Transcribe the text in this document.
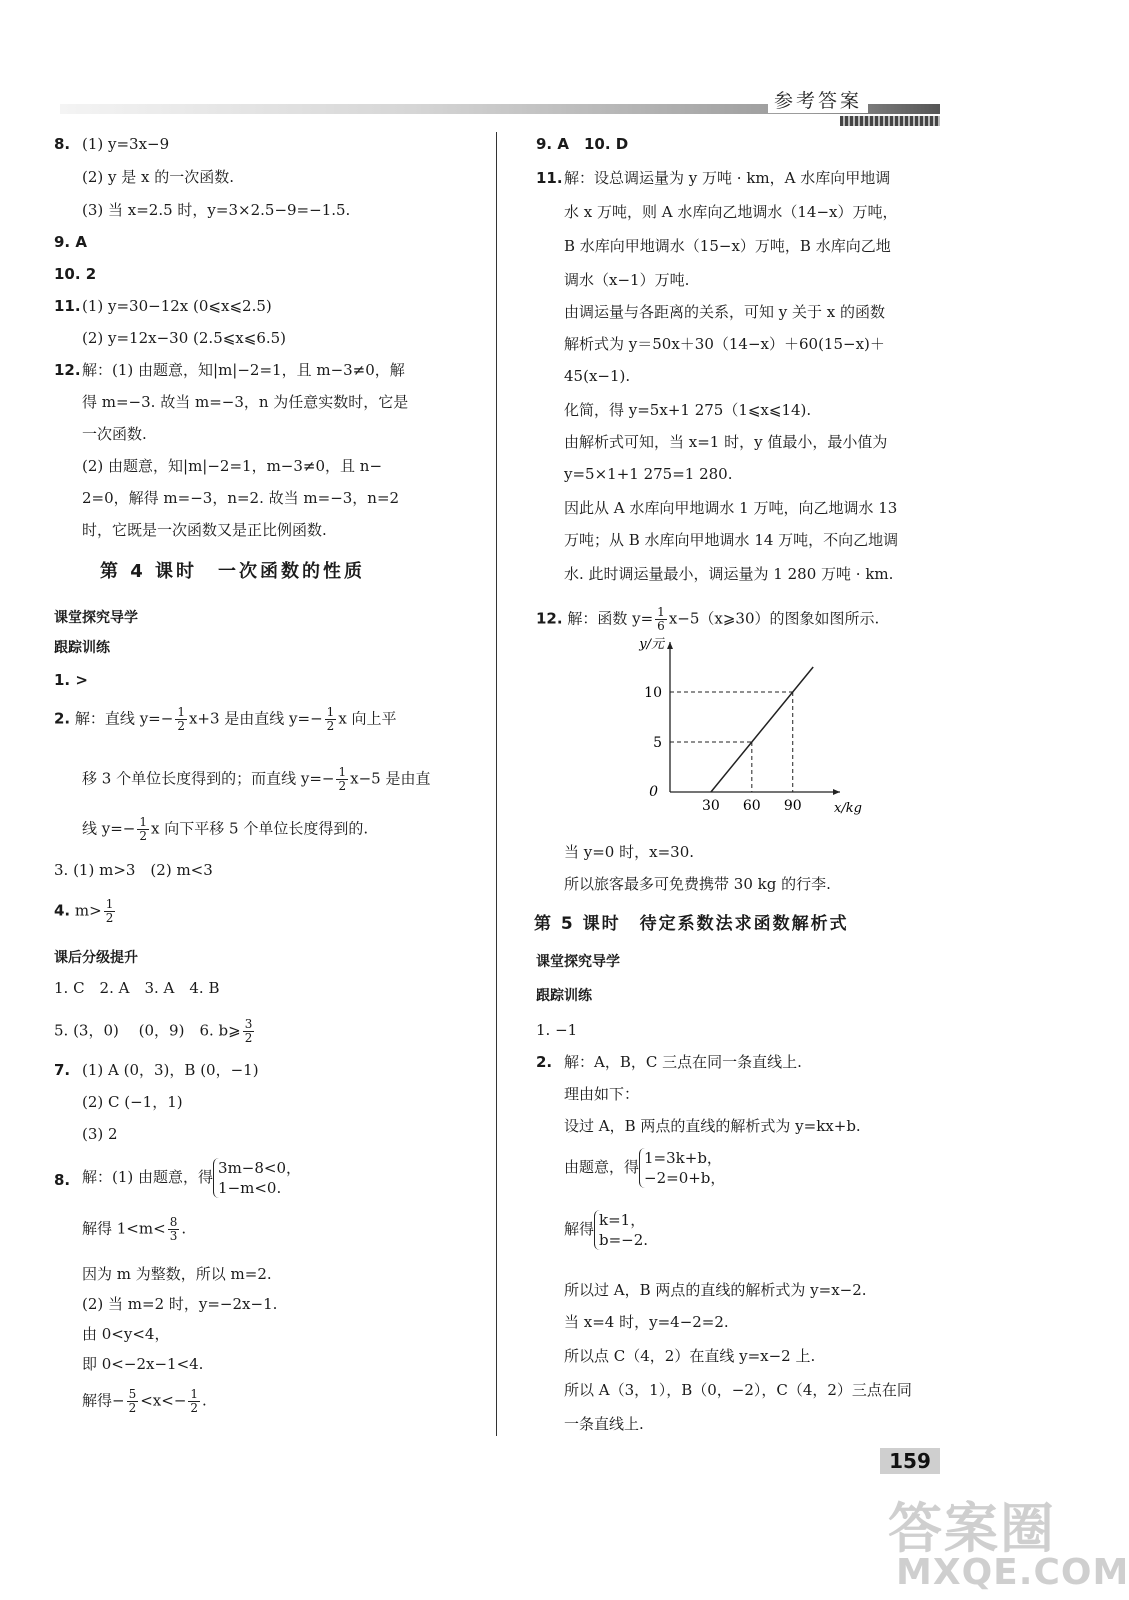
参考答案
8. (1) y=3x−9
(2) y 是 x 的一次函数.
(3) 当 x=2.5 时，y=3×2.5−9=−1.5.
9. A
10. 2
11. (1) y=30−12x (0⩽x⩽2.5)
(2) y=12x−30 (2.5⩽x⩽6.5)
12. 解：(1) 由题意，知|m|−2=1，且 m−3≠0，解
得 m=−3. 故当 m=−3，n 为任意实数时，它是
一次函数.
(2) 由题意，知|m|−2=1，m−3≠0，且 n−
2=0，解得 m=−3，n=2. 故当 m=−3，n=2
时，它既是一次函数又是正比例函数.
第 4 课时　一次函数的性质
课堂探究导学
跟踪训练
1. >
2. 解：直线 $y=- \frac{1}{2} x+3$ 是由直线 $y=- \frac{1}{2}$ x 向上平
移 3 个单位长度得到的；而直线 $y=- \frac{1}{2} x-5$ 是由直
线 $y=- \frac{1}{2}$ x 向下平移 5 个单位长度得到的.
3. (1) m>3　(2) m<3
4. $m> \frac{1}{2}$
课后分级提升
1. C　2. A　3. A　4. B
5. (3，0)　 (0，9)　6. b⩾ $\frac{3}{2}$
7. (1) A (0，3)，B (0，−1)
(2) C (−1，1)
(3) 2
8. 解：(1) 由题意，得 3m−8<0，
1−m<0.
解得 $1<m< \frac{8}{3}$ .
因为 m 为整数，所以 m=2.
(2) 当 m=2 时，y=−2x−1.
由 0<y<4，
即 0<−2x−1<4.
解得− $\frac{5}{2} <x<- \frac{1}{2}$ .
9. A　10. D
11. 解：设总调运量为 y 万吨 · km，A 水库向甲地调
水 x 万吨，则 A 水库向乙地调水（14−x）万吨，
B 水库向甲地调水（15−x）万吨，B 水库向乙地
调水（x−1）万吨.
由调运量与各距离的关系，可知 y 关于 x 的函数
解析式为 y＝50x＋30（14−x）＋60(15−x)＋
45(x−1).
化简，得 y=5x+1 275（1⩽x⩽14).
由解析式可知，当 x=1 时，y 值最小，最小值为
y=5×1+1 275=1 280.
因此从 A 水库向甲地调水 1 万吨，向乙地调水 13
万吨；从 B 水库向甲地调水 14 万吨，不向乙地调
水. 此时调运量最小，调运量为 1 280 万吨 · km.
12. 解：函数 $y= \frac{1}{6}$ x−5（x⩾30）的图象如图所示.
30 60 90
5
10
0
y/元
x/kg
当 y=0 时，x=30.
所以旅客最多可免费携带 30 kg 的行李.
第 5 课时　待定系数法求函数解析式
课堂探究导学
跟踪训练
1. −1
2. 解：A，B，C 三点在同一条直线上.
理由如下：
设过 A，B 两点的直线的解析式为 y=kx+b.
由题意，得 1=3k+b，
−2=0+b，
解得 k=1，
b=−2.
所以过 A，B 两点的直线的解析式为 y=x−2.
当 x=4 时，y=4−2=2.
所以点 C（4，2）在直线 y=x−2 上.
所以 A（3，1），B（0，−2），C（4，2）三点在同
一条直线上.
159
答案圈
MXQE.COM
